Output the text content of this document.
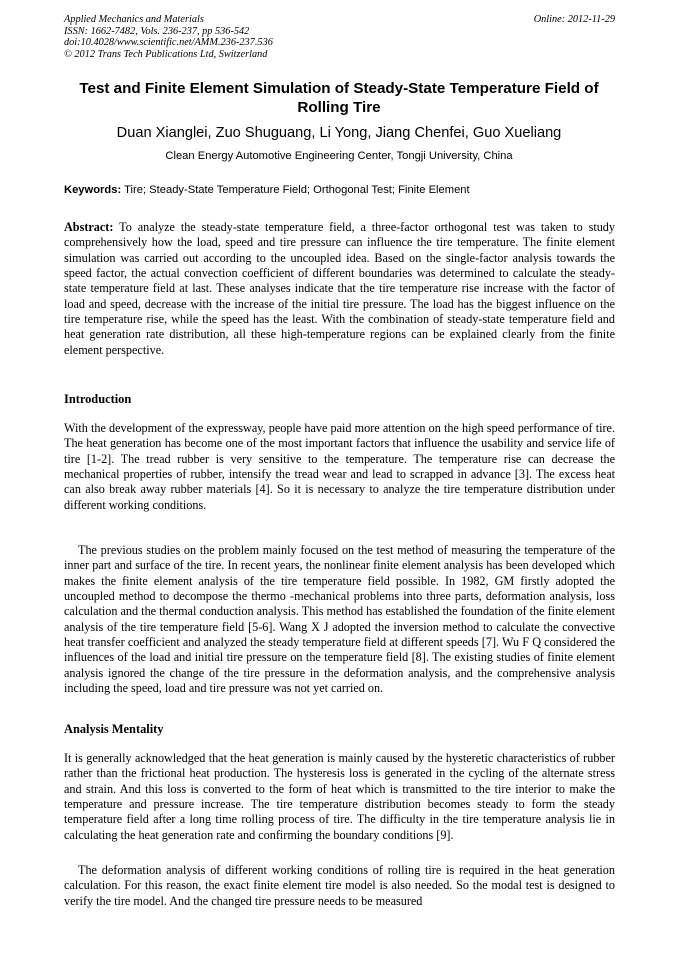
Applied Mechanics and Materials
ISSN: 1662-7482, Vols. 236-237, pp 536-542
doi:10.4028/www.scientific.net/AMM.236-237.536
© 2012 Trans Tech Publications Ltd, Switzerland
Online: 2012-11-29
Test and Finite Element Simulation of Steady-State Temperature Field of Rolling Tire
Duan Xianglei, Zuo Shuguang, Li Yong, Jiang Chenfei, Guo Xueliang
Clean Energy Automotive Engineering Center, Tongji University, China
Keywords: Tire; Steady-State Temperature Field; Orthogonal Test; Finite Element
Abstract: To analyze the steady-state temperature field, a three-factor orthogonal test was taken to study comprehensively how the load, speed and tire pressure can influence the tire temperature. The finite element simulation was carried out according to the uncoupled idea. Based on the single-factor analysis towards the speed factor, the actual convection coefficient of different boundaries was determined to calculate the steady-state temperature field at last. These analyses indicate that the tire temperature rise increase with the factor of load and speed, decrease with the increase of the initial tire pressure. The load has the biggest influence on the tire temperature rise, while the speed has the least. With the combination of steady-state temperature field and heat generation rate distribution, all these high-temperature regions can be explained clearly from the finite element perspective.
Introduction
With the development of the expressway, people have paid more attention on the high speed performance of tire. The heat generation has become one of the most important factors that influence the usability and service life of tire [1-2]. The tread rubber is very sensitive to the temperature. The temperature rise can decrease the mechanical properties of rubber, intensify the tread wear and lead to scrapped in advance [3]. The excess heat can also break away rubber materials [4]. So it is necessary to analyze the tire temperature distribution under different working conditions.
The previous studies on the problem mainly focused on the test method of measuring the temperature of the inner part and surface of the tire. In recent years, the nonlinear finite element analysis has been developed which makes the finite element analysis of the tire temperature field possible. In 1982, GM firstly adopted the uncoupled method to decompose the thermo -mechanical problems into three parts, deformation analysis, loss calculation and the thermal conduction analysis. This method has established the foundation of the finite element analysis of the tire temperature field [5-6]. Wang X J adopted the inversion method to calculate the convective heat transfer coefficient and analyzed the steady temperature field at different speeds [7]. Wu F Q considered the influences of the load and initial tire pressure on the temperature field [8]. The existing studies of finite element analysis ignored the change of the tire pressure in the deformation analysis, and the comprehensive analysis including the speed, load and tire pressure was not yet carried on.
Analysis Mentality
It is generally acknowledged that the heat generation is mainly caused by the hysteretic characteristics of rubber rather than the frictional heat production. The hysteresis loss is generated in the cycling of the alternate stress and strain. And this loss is converted to the form of heat which is transmitted to the tire interior to make the temperature and pressure increase. The tire temperature distribution becomes steady to form the steady temperature field after a long time rolling process of tire. The difficulty in the tire temperature analysis lie in calculating the heat generation rate and confirming the boundary conditions [9].
The deformation analysis of different working conditions of rolling tire is required in the heat generation calculation. For this reason, the exact finite element tire model is also needed. So the modal test is designed to verify the tire model. And the changed tire pressure needs to be measured
